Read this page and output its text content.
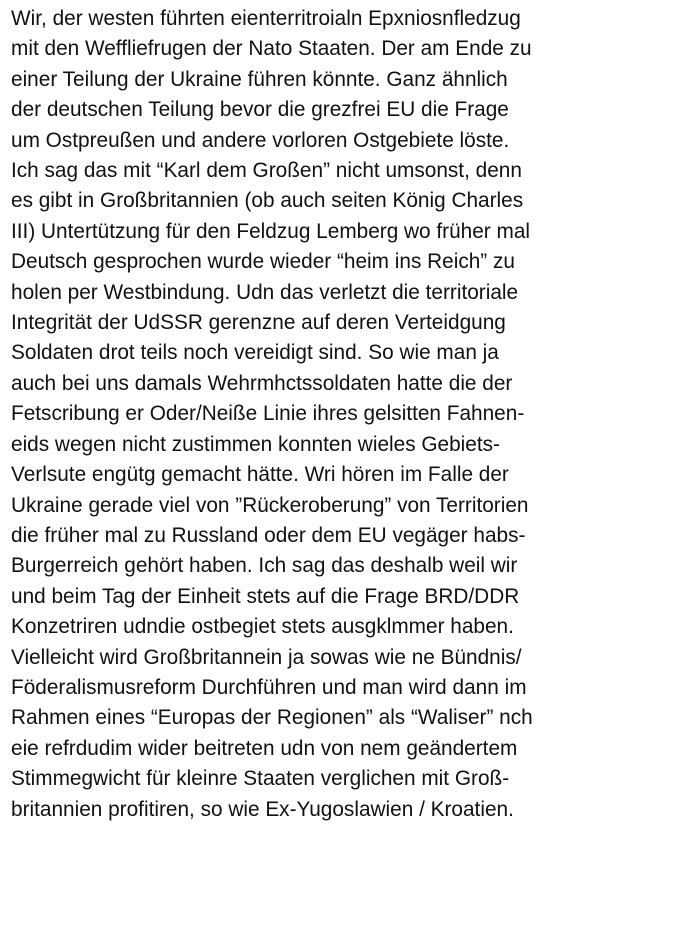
Wir, der westen führten eienterritroialn Epxniosnfledzug
mit den Weffliefrugen der Nato Staaten. Der am Ende zu
einer Teilung der Ukraine führen könnte. Ganz ähnlich
der deutschen Teilung bevor die grezfrei EU die Frage
um Ostpreußen und andere vorloren Ostgebiete löste.
Ich sag das mit “Karl dem Großen” nicht umsonst, denn
es gibt in Großbritannien (ob auch seiten König Charles
III) Untertützung für den Feldzug Lemberg wo früher mal
Deutsch gesprochen wurde wieder “heim ins Reich” zu
holen per Westbindung. Udn das verletzt die territoriale
Integrität der UdSSR gerenzne auf deren Verteidgung
Soldaten drot teils noch vereidigt sind. So wie man ja
auch bei uns damals Wehrmhctssoldaten hatte die der
Fetscribung er Oder/Neiße Linie ihres gelsitten Fahnen-
eids wegen nicht zustimmen konnten wieles Gebiets-
Verlsute engütg gemacht hätte. Wri hören im Falle der
Ukraine gerade viel von ”Rückeroberung” von Territorien
die früher mal zu Russland oder dem EU vegäger habs-
Burgerreich gehört haben. Ich sag das deshalb weil wir
und beim Tag der Einheit stets auf die Frage BRD/DDR
Konzetriren udndie ostbegiet stets ausgklmmer haben.
Vielleicht wird Großbritannein ja sowas wie ne Bündnis/
Föderalismusreform Durchführen und man wird dann im
Rahmen eines “Europas der Regionen” als “Waliser” nch
eie refrdudim wider beitreten udn von nem geändertem
Stimmegwicht für kleinre Staaten verglichen mit Groß-
britannien profitiren, so wie Ex-Yugoslawien / Kroatien.
